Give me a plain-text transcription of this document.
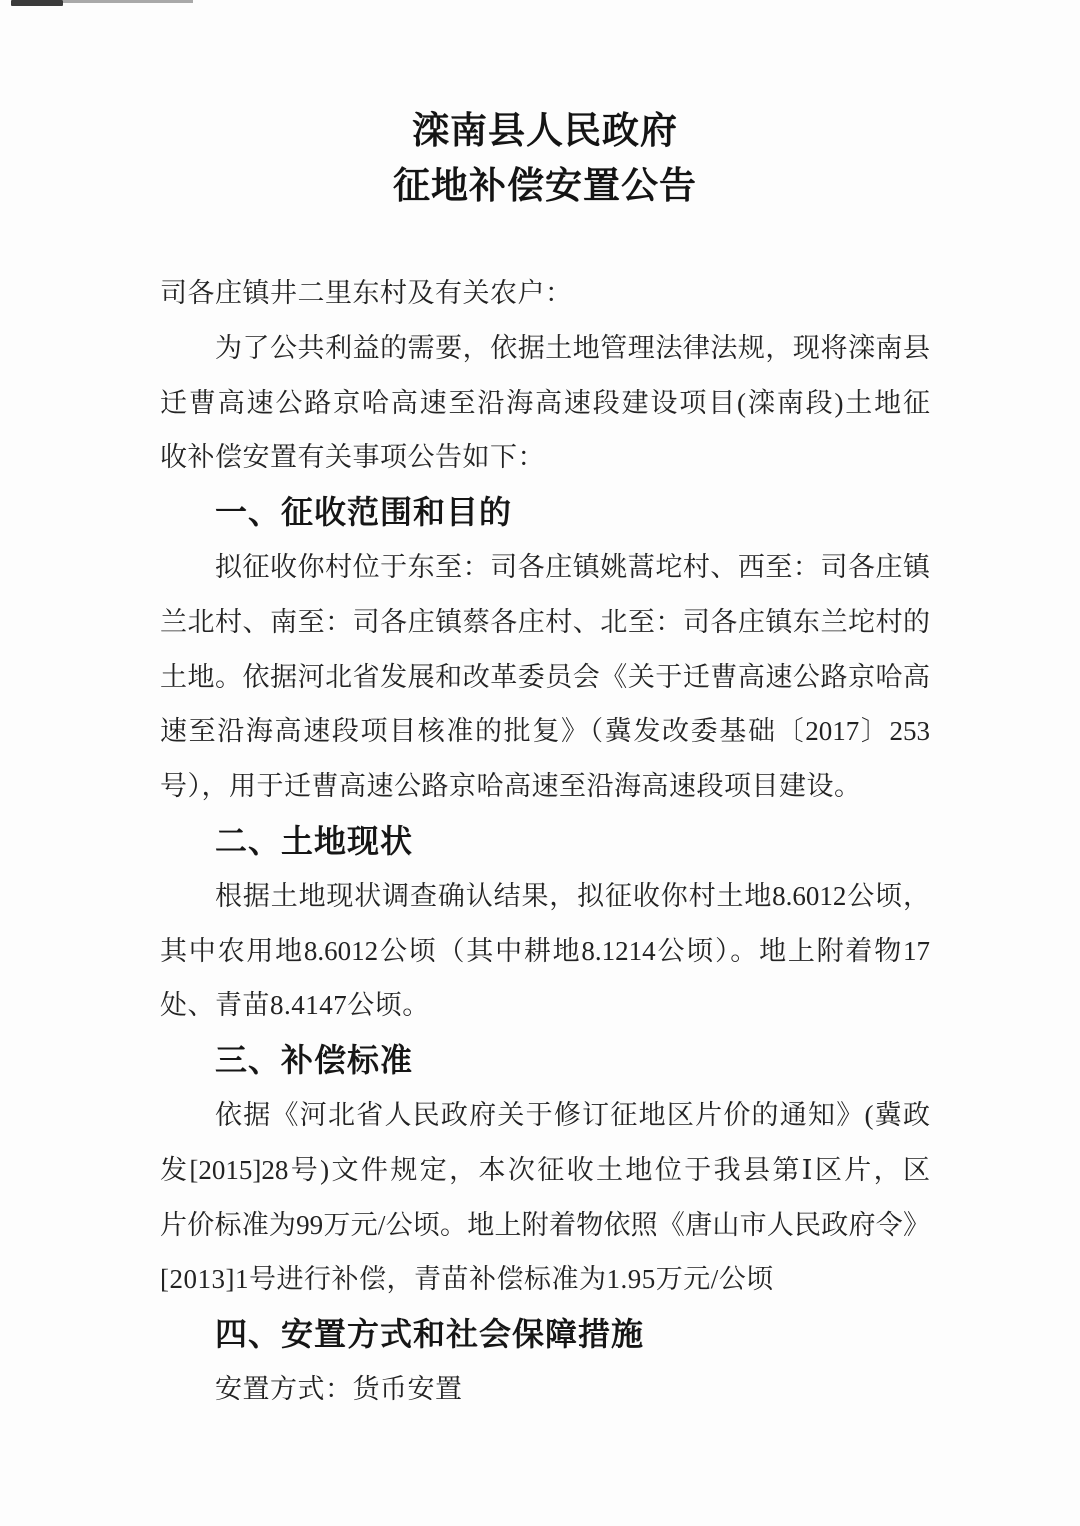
滦南县人民政府
征地补偿安置公告
司各庄镇井二里东村及有关农户：
为了公共利益的需要，依据土地管理法律法规，现将滦南县
迁曹高速公路京哈高速至沿海高速段建设项目(滦南段)土地征
收补偿安置有关事项公告如下：
一、征收范围和目的
拟征收你村位于东至：司各庄镇姚蒿坨村、西至：司各庄镇
兰北村、南至：司各庄镇蔡各庄村、北至：司各庄镇东兰坨村的
土地。依据河北省发展和改革委员会《关于迁曹高速公路京哈高
速至沿海高速段项目核准的批复》（冀发改委基础〔2017〕253
号），用于迁曹高速公路京哈高速至沿海高速段项目建设。
二、土地现状
根据土地现状调查确认结果，拟征收你村土地8.6012公顷，
其中农用地8.6012公顷（其中耕地8.1214公顷）。地上附着物17
处、青苗8.4147公顷。
三、补偿标准
依据《河北省人民政府关于修订征地区片价的通知》(冀政
发[2015]28号)文件规定，本次征收土地位于我县第Ⅰ区片，区
片价标准为99万元/公顷。地上附着物依照《唐山市人民政府令》
[2013]1号进行补偿，青苗补偿标准为1.95万元/公顷
四、安置方式和社会保障措施
安置方式：货币安置
